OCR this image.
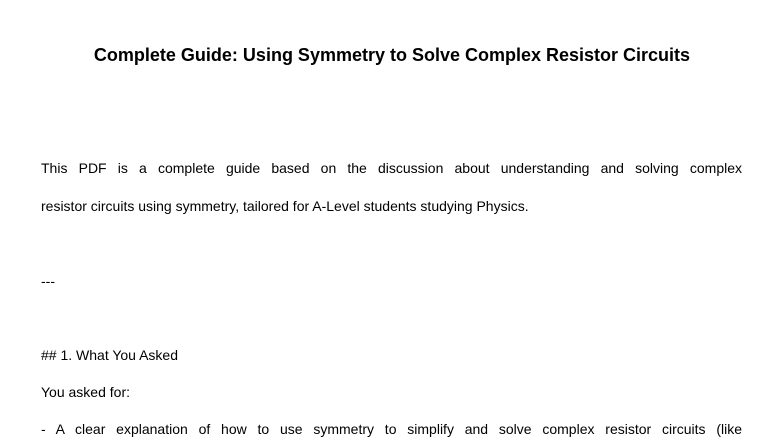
Complete Guide: Using Symmetry to Solve Complex Resistor Circuits
This PDF is a complete guide based on the discussion about understanding and solving complex
resistor circuits using symmetry, tailored for A-Level students studying Physics.
---
## 1. What You Asked
You asked for:
- A clear explanation of how to use symmetry to simplify and solve complex resistor circuits (like
